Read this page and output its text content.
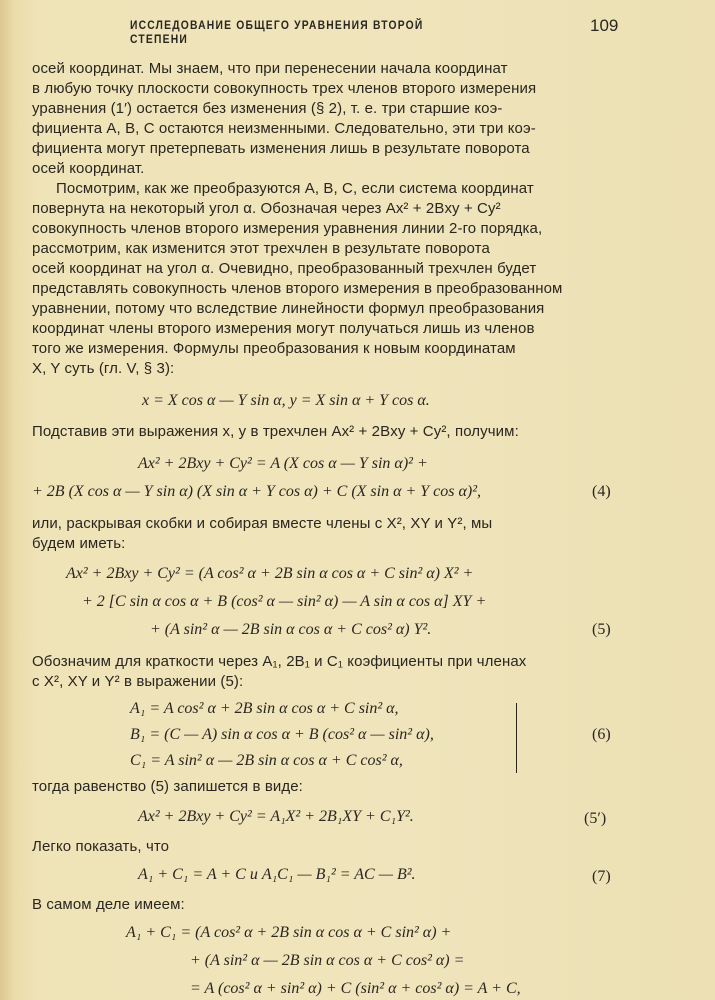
ИССЛЕДОВАНИЕ ОБЩЕГО УРАВНЕНИЯ ВТОРОЙ СТЕПЕНИ
109
осей координат. Мы знаем, что при перенесении начала координат
в любую точку плоскости совокупность трех членов второго измерения
уравнения (1′) остается без изменения (§ 2), т. е. три старшие коэ-
фициента A, B, C остаются неизменными. Следовательно, эти три коэ-
фициента могут претерпевать изменения лишь в результате поворота
осей координат.
Посмотрим, как же преобразуются A, B, C, если система координат
повернута на некоторый угол α. Обозначая через Ax² + 2Bxy + Cy²
совокупность членов второго измерения уравнения линии 2-го порядка,
рассмотрим, как изменится этот трехчлен в результате поворота
осей координат на угол α. Очевидно, преобразованный трехчлен будет
представлять совокупность членов второго измерения в преобразованном
уравнении, потому что вследствие линейности формул преобразования
координат члены второго измерения могут получаться лишь из членов
того же измерения. Формулы преобразования к новым координатам
X, Y суть (гл. V, § 3):
x = X cos α — Y sin α, y = X sin α + Y cos α.
Подставив эти выражения x, y в трехчлен Ax² + 2Bxy + Cy², получим:
Ax² + 2Bxy + Cy² = A (X cos α — Y sin α)² +
+ 2B (X cos α — Y sin α) (X sin α + Y cos α) + C (X sin α + Y cos α)²,	(4)
или, раскрывая скобки и собирая вместе члены с X², XY и Y², мы
будем иметь:
Ax² + 2Bxy + Cy² = (A cos² α + 2B sin α cos α + C sin² α) X² +
+ 2 [C sin α cos α + B (cos² α — sin² α) — A sin α cos α] XY +
+ (A sin² α — 2B sin α cos α + C cos² α) Y².	(5)
Обозначим для краткости через A₁, 2B₁ и C₁ коэфициенты при членах
с X², XY и Y² в выражении (5):
A₁ = A cos² α + 2B sin α cos α + C sin² α,
B₁ = (C — A) sin α cos α + B (cos² α — sin² α),
C₁ = A sin² α — 2B sin α cos α + C cos² α,
(6)
тогда равенство (5) запишется в виде:
Ax² + 2Bxy + Cy² = A₁X² + 2B₁XY + C₁Y².	(5′)
Легко показать, что
A₁ + C₁ = A + C и A₁C₁ — B₁² = AC — B².	(7)
В самом деле имеем:
A₁ + C₁ = (A cos² α + 2B sin α cos α + C sin² α) +
+ (A sin² α — 2B sin α cos α + C cos² α) =
= A (cos² α + sin² α) + C (sin² α + cos² α) = A + C,
